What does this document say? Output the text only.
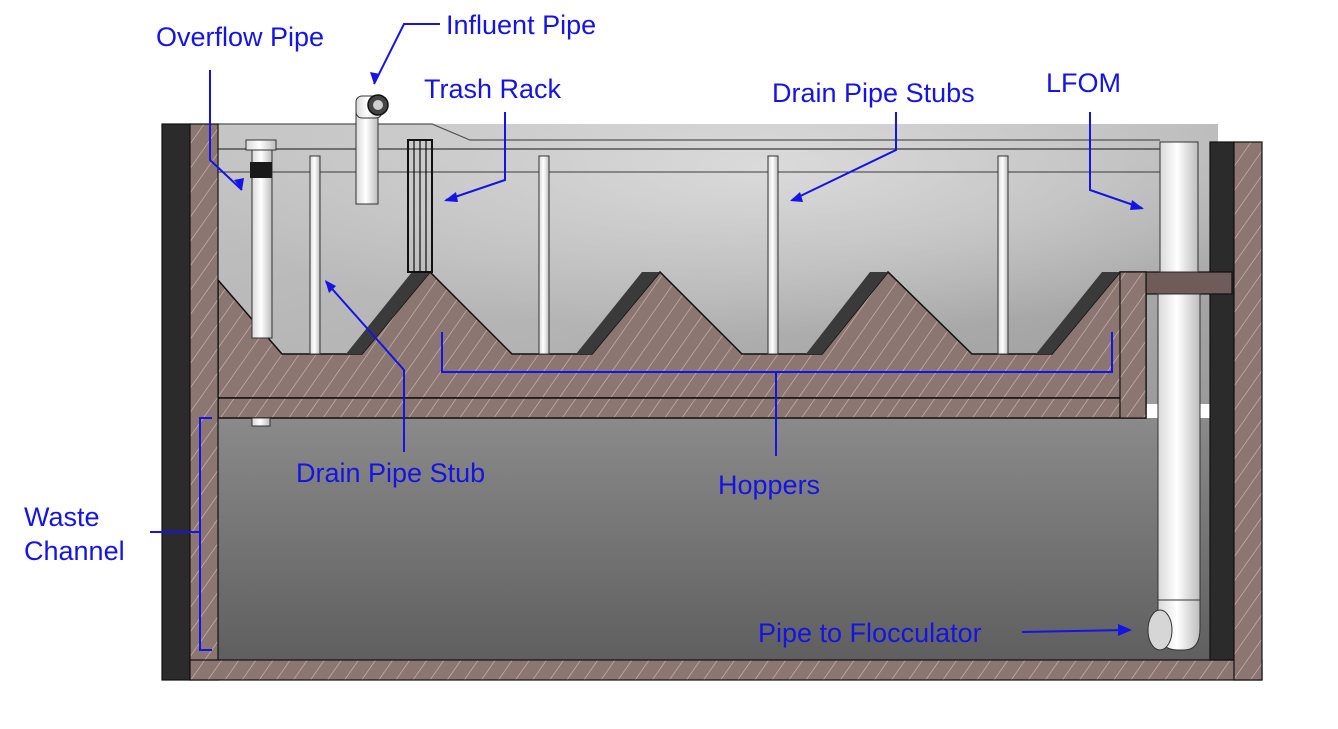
Overflow Pipe	Influent Pipe
Trash Rack	Drain Pipe Stubs	LFOM
Drain Pipe Stub	Hoppers
Waste
Channel
Pipe to Flocculator
